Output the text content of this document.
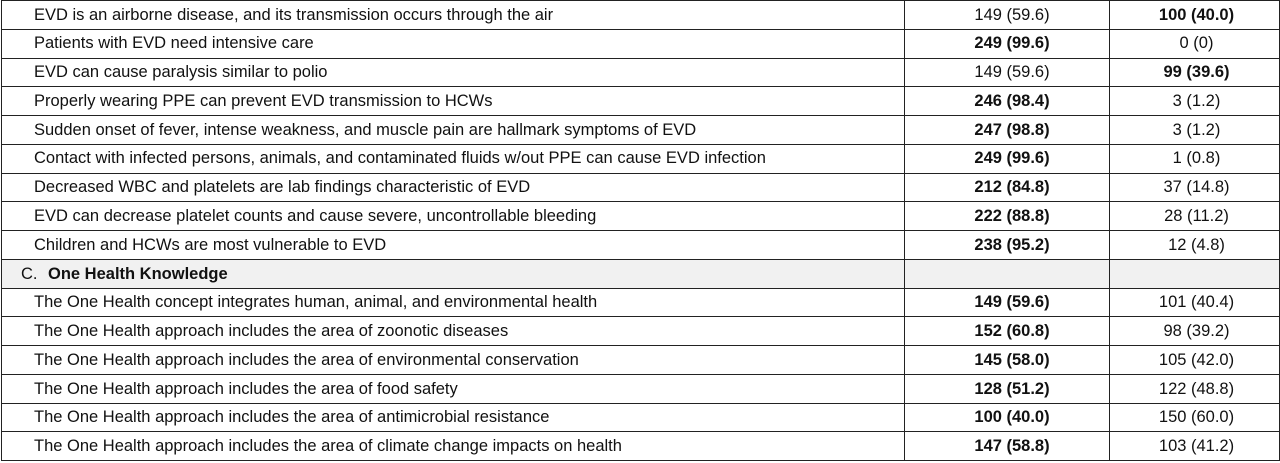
EVD is an airborne disease, and its transmission occurs through the air	149 (59.6)	100 (40.0)
Patients with EVD need intensive care	249 (99.6)	0 (0)
EVD can cause paralysis similar to polio	149 (59.6)	99 (39.6)
Properly wearing PPE can prevent EVD transmission to HCWs	246 (98.4)	3 (1.2)
Sudden onset of fever, intense weakness, and muscle pain are hallmark symptoms of EVD	247 (98.8)	3 (1.2)
Contact with infected persons, animals, and contaminated fluids w/out PPE can cause EVD infection	249 (99.6)	1 (0.8)
Decreased WBC and platelets are lab findings characteristic of EVD	212 (84.8)	37 (14.8)
EVD can decrease platelet counts and cause severe, uncontrollable bleeding	222 (88.8)	28 (11.2)
Children and HCWs are most vulnerable to EVD	238 (95.2)	12 (4.8)
C. One Health Knowledge		
The One Health concept integrates human, animal, and environmental health	149 (59.6)	101 (40.4)
The One Health approach includes the area of zoonotic diseases	152 (60.8)	98 (39.2)
The One Health approach includes the area of environmental conservation	145 (58.0)	105 (42.0)
The One Health approach includes the area of food safety	128 (51.2)	122 (48.8)
The One Health approach includes the area of antimicrobial resistance	100 (40.0)	150 (60.0)
The One Health approach includes the area of climate change impacts on health	147 (58.8)	103 (41.2)
